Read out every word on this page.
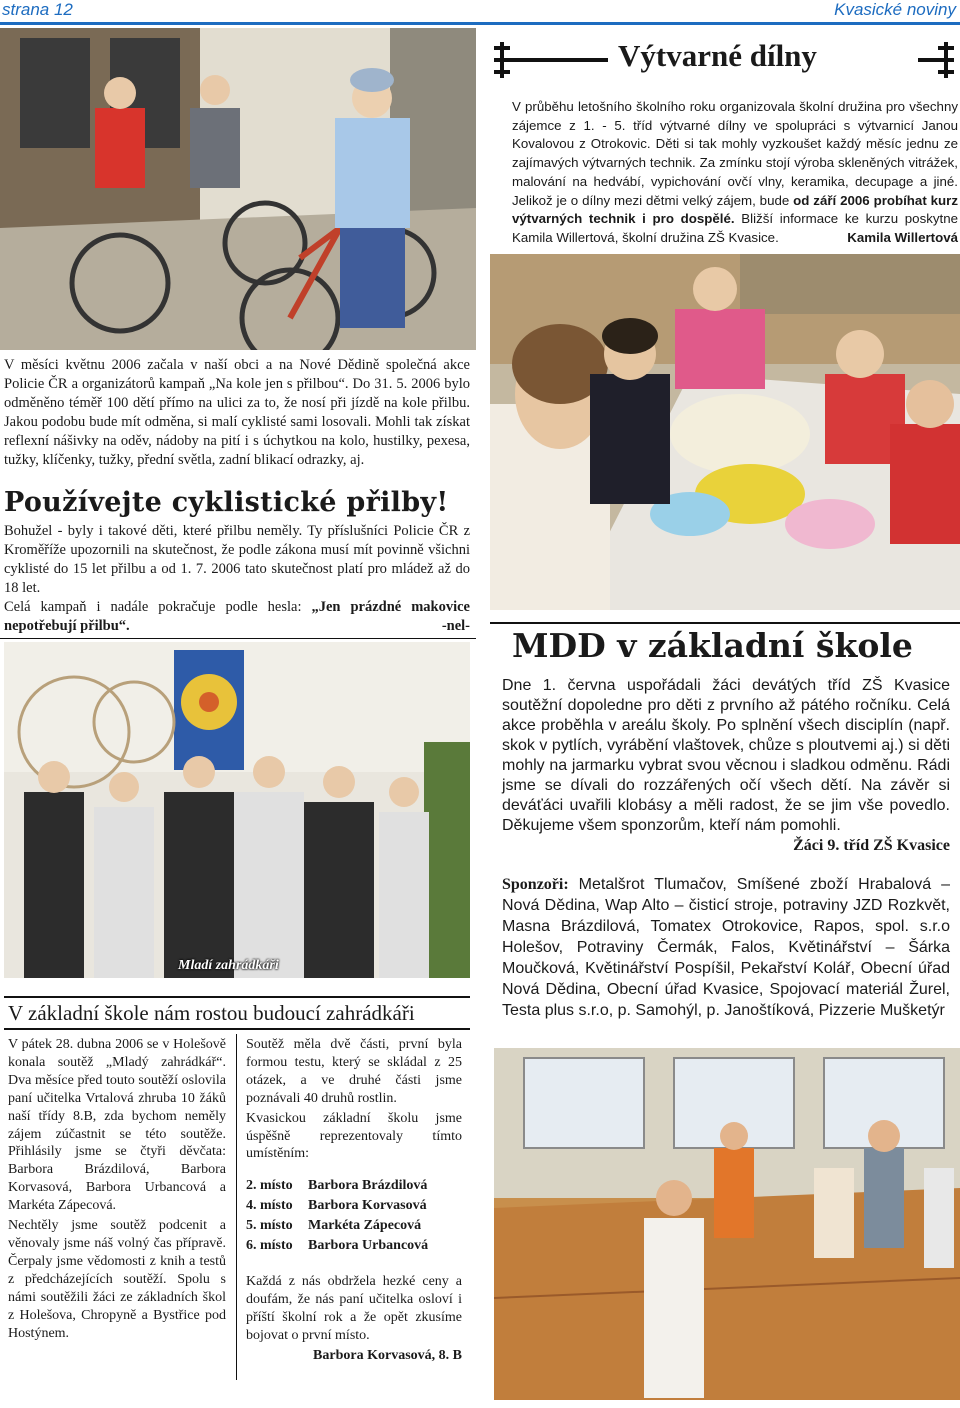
strana 12	Kvasické noviny
Výtvarné dílny
V průběhu letošního školního roku organizovala školní družina pro všechny zájemce z 1. - 5. tříd výtvarné dílny ve spolupráci s výtvarnicí Janou Kovalovou z Otrokovic. Děti si tak mohly vyzkoušet každý měsíc jednu ze zajímavých výtvarných technik. Za zmínku stojí výroba skleněných vitrážek, malování na hedvábí, vypichování ovčí vlny, keramika, decupage a jiné. Jelikož je o dílny mezi dětmi velký zájem, bude od září 2006 probíhat kurz výtvarných technik i pro dospělé. Bližší informace ke kurzu poskytne Kamila Willertová, školní družina ZŠ Kvasice.	Kamila Willertová
V měsíci květnu 2006 začala v naší obci a na Nové Dědině společná akce Policie ČR a organizátorů kampaň „Na kole jen s přilbou“. Do 31. 5. 2006 bylo odměněno téměř 100 dětí přímo na ulici za to, že nosí při jízdě na kole přilbu. Jakou podobu bude mít odměna, si malí cyklisté sami losovali. Mohli tak získat reflexní nášivky na oděv, nádoby na pití i s úchytkou na kolo, hustilky, pexesa, tužky, klíčenky, tužky, přední světla, zadní blikací odrazky, aj.
Používejte cyklistické přilby!
Bohužel - byly i takové děti, které přilbu neměly. Ty příslušníci Policie ČR z Kroměříže upozornili na skutečnost, že podle zákona musí mít povinně všichni cyklisté do 15 let přilbu a od 1. 7. 2006 tato skutečnost platí pro mládež až do 18 let.
Celá kampaň i nadále pokračuje podle hesla: „Jen prázdné makovice nepotřebují přilbu“.	-nel-
Mladí zahrádkáři
V základní škole nám rostou budoucí zahrádkáři

V pátek 28. dubna 2006 se v Holešově konala soutěž „Mladý zahrádkář“. Dva měsíce před touto soutěží oslovila paní učitelka Vrtalová zhruba 10 žáků naší třídy 8.B, zda bychom neměly zájem zúčastnit se této soutěže. Přihlásily jsme se čtyři děvčata: Barbora Brázdilová, Barbora Korvasová, Barbora Urbancová a Markéta Zápecová.

Nechtěly jsme soutěž podcenit a věnovaly jsme náš volný čas přípravě. Čerpaly jsme vědomosti z knih a testů z předcházejících soutěží. Spolu s námi soutěžili žáci ze základních škol z Holešova, Chropyně a Bystřice pod Hostýnem.

Soutěž měla dvě části, první byla formou testu, který se skládal z 25 otázek, a ve druhé části jsme poznávali 40 druhů rostlin.

Kvasickou základní školu jsme úspěšně reprezentovaly tímto umístěním:

2. místo	Barbora Brázdilová
4. místo	Barbora Korvasová
5. místo	Markéta Zápecová
6. místo	Barbora Urbancová

Každá z nás obdržela hezké ceny a doufám, že nás paní učitelka osloví i příští školní rok a že opět zkusíme bojovat o první místo.

Barbora Korvasová, 8. B

MDD v základní škole
Dne 1. června uspořádali žáci devátých tříd ZŠ Kvasice soutěžní dopoledne pro děti z prvního až pátého ročníku. Celá akce proběhla v areálu školy. Po splnění všech disciplín (např. skok v pytlích, vyrábění vlaštovek, chůze s ploutvemi aj.) si děti mohly na jarmarku vybrat svou věcnou i sladkou odměnu. Rádi jsme se dívali do rozzářených očí všech dětí. Na závěr si deváťáci uvařili klobásy a měli radost, že se jim vše povedlo. Děkujeme všem sponzorům, kteří nám pomohli.
Žáci 9. tříd ZŠ Kvasice
Sponzoři: Metalšrot Tlumačov, Smíšené zboží Hrabalová – Nová Dědina, Wap Alto – čisticí stroje, potraviny JZD Rozkvět, Masna Brázdilová, Tomatex Otrokovice, Rapos, spol. s.r.o Holešov, Potraviny Čermák, Falos, Květinářství – Šárka Moučková, Květinářství Pospíšil, Pekařství Kolář, Obecní úřad Nová Dědina, Obecní úřad Kvasice, Spojovací materiál Žurel, Testa plus s.r.o, p. Samohýl, p. Janoštíková, Pizzerie Mušketýr
